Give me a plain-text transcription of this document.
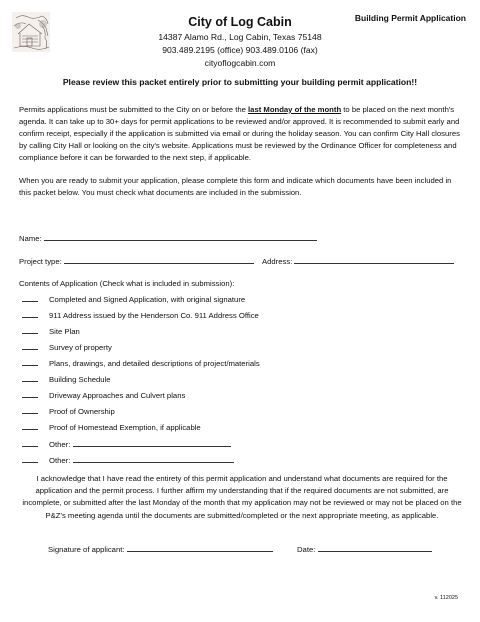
Building Permit Application
City of Log Cabin
14387 Alamo Rd., Log Cabin, Texas 75148
903.489.2195 (office) 903.489.0106 (fax)
cityoflogcabin.com
Please review this packet entirely prior to submitting your building permit application!!
Permits applications must be submitted to the City on or before the last Monday of the month to be placed on the next month's agenda. It can take up to 30+ days for permit applications to be reviewed and/or approved. It is recommended to submit early and confirm receipt, especially if the application is submitted via email or during the holiday season. You can confirm City Hall closures by calling City Hall or looking on the city's website. Applications must be reviewed by the Ordinance Officer for completeness and compliance before it can be forwarded to the next step, if applicable.
When you are ready to submit your application, please complete this form and indicate which documents have been included in this packet below. You must check what documents are included in the submission.
Name:
Project type:	Address:
Contents of Application (Check what is included in submission):
Completed and Signed Application, with original signature
911 Address issued by the Henderson Co. 911 Address Office
Site Plan
Survey of property
Plans, drawings, and detailed descriptions of project/materials
Building Schedule
Driveway Approaches and Culvert plans
Proof of Ownership
Proof of Homestead Exemption, if applicable
Other:
Other:
I acknowledge that I have read the entirety of this permit application and understand what documents are required for the application and the permit process. I further affirm my understanding that if the required documents are not submitted, are incomplete, or submitted after the last Monday of the month that my application may not be reviewed or may not be placed on the P&Z's meeting agenda until the documents are submitted/completed or the next appropriate meeting, as applicable.
Signature of applicant:	Date:
v. 112025
